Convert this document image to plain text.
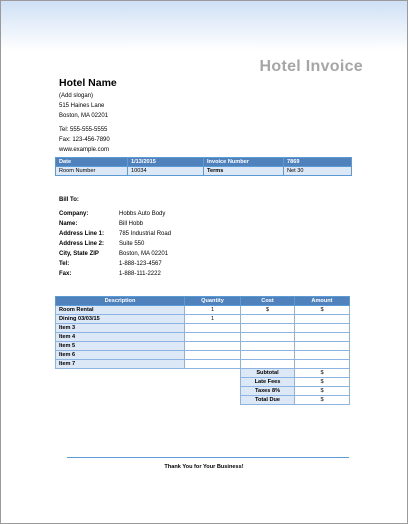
Hotel Invoice
Hotel Name
(Add slogan)
515 Haines Lane
Boston, MA 02201
Tel: 555-555-5555
Fax: 123-456-7890
www.example.com
Date	1/13/2015	Invoice Number	7869
Room Number	10034	Terms	Net 30
Bill To:
Company:	Hobbs Auto Body
Name:	Bill Hobb
Address Line 1:	785 Industrial Road
Address Line 2:	Suite 550
City, State ZIP	Boston, MA 02201
Tel:	1-888-123-4567
Fax:	1-888-111-2222
Description	Quantity	Cost	Amount
Room Rental	1	$	$
Dining 03/03/15	1		
Item 3			
Item 4			
Item 5			
Item 6			
Item 7			
Subtotal	$
Late Fees	$
Taxes 8%	$
Total Due	$
Thank You for Your Business!
